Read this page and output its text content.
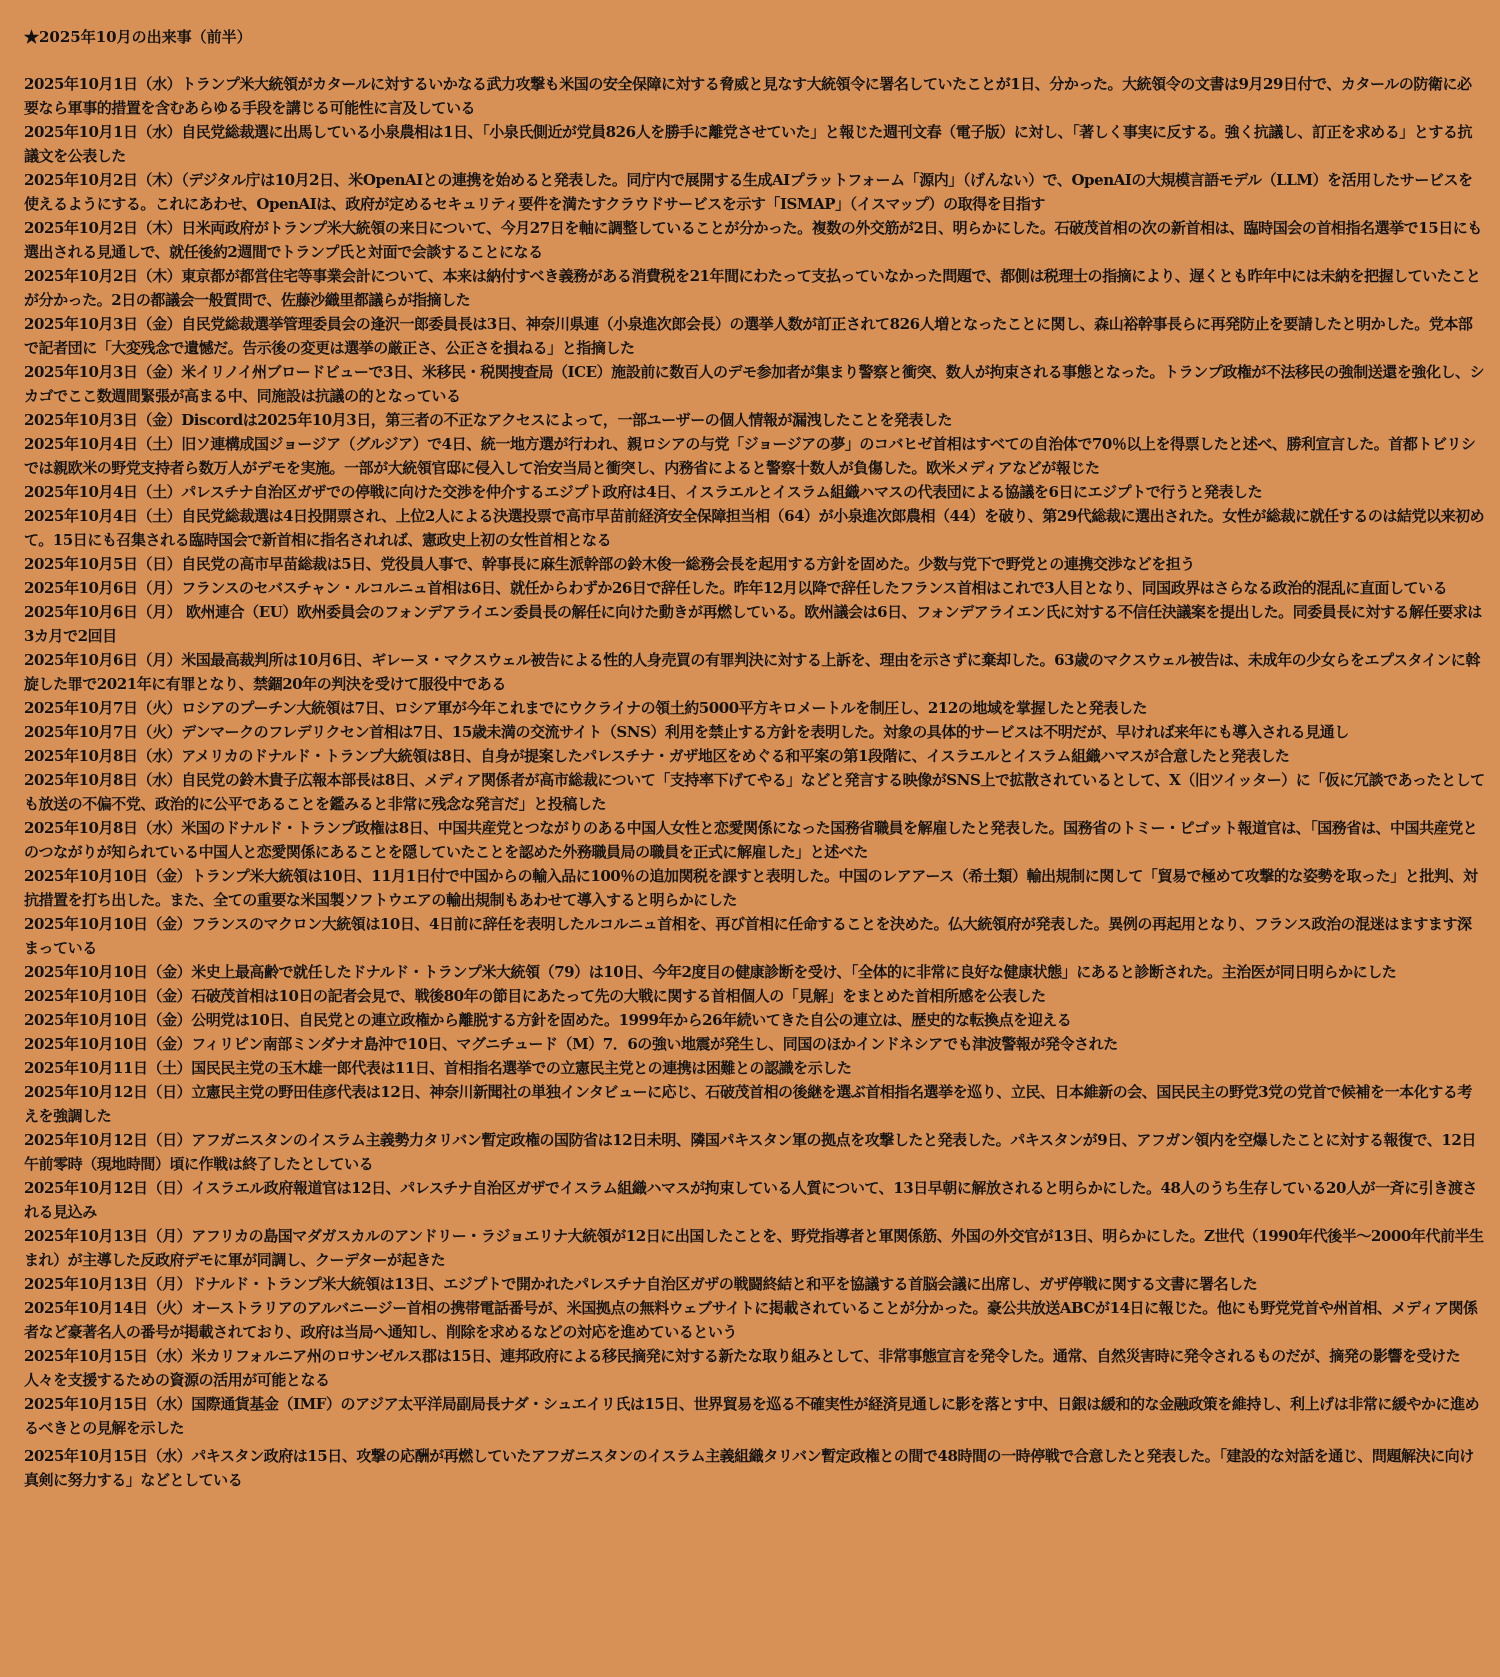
★2025年10月の出来事（前半）
2025年10月1日（水）トランプ米大統領がカタールに対するいかなる武力攻撃も米国の安全保障に対する脅威と見なす大統領令に署名していたことが1日、分かった。大統領令の文書は9月29日付で、カタールの防衛に必要なら軍事的措置を含むあらゆる手段を講じる可能性に言及している
2025年10月1日（水）自民党総裁選に出馬している小泉農相は1日、「小泉氏側近が党員826人を勝手に離党させていた」と報じた週刊文春（電子版）に対し、「著しく事実に反する。強く抗議し、訂正を求める」とする抗議文を公表した
2025年10月2日（木）（デジタル庁は10月2日、米OpenAIとの連携を始めると発表した。同庁内で展開する生成AIプラットフォーム「源内」（げんない）で、OpenAIの大規模言語モデル（LLM）を活用したサービスを使えるようにする。これにあわせ、OpenAIは、政府が定めるセキュリティ要件を満たすクラウドサービスを示す「ISMAP」（イスマップ）の取得を目指す
2025年10月2日（木）日米両政府がトランプ米大統領の来日について、今月27日を軸に調整していることが分かった。複数の外交筋が2日、明らかにした。石破茂首相の次の新首相は、臨時国会の首相指名選挙で15日にも選出される見通しで、就任後約2週間でトランプ氏と対面で会談することになる
2025年10月2日（木）東京都が都営住宅等事業会計について、本来は納付すべき義務がある消費税を21年間にわたって支払っていなかった問題で、都側は税理士の指摘により、遅くとも昨年中には未納を把握していたことが分かった。2日の都議会一般質問で、佐藤沙織里都議らが指摘した
2025年10月3日（金）自民党総裁選挙管理委員会の逢沢一郎委員長は3日、神奈川県連（小泉進次郎会長）の選挙人数が訂正されて826人増となったことに関し、森山裕幹事長らに再発防止を要請したと明かした。党本部で記者団に「大変残念で遺憾だ。告示後の変更は選挙の厳正さ、公正さを損ねる」と指摘した
2025年10月3日（金）米イリノイ州ブロードビューで3日、米移民・税関捜査局（ICE）施設前に数百人のデモ参加者が集まり警察と衝突、数人が拘束される事態となった。トランプ政権が不法移民の強制送還を強化し、シカゴでここ数週間緊張が高まる中、同施設は抗議の的となっている
2025年10月3日（金）Discordは2025年10月3日，第三者の不正なアクセスによって，一部ユーザーの個人情報が漏洩したことを発表した
2025年10月4日（土）旧ソ連構成国ジョージア（グルジア）で4日、統一地方選が行われ、親ロシアの与党「ジョージアの夢」のコバヒゼ首相はすべての自治体で70％以上を得票したと述べ、勝利宣言した。首都トビリシでは親欧米の野党支持者ら数万人がデモを実施。一部が大統領官邸に侵入して治安当局と衝突し、内務省によると警察十数人が負傷した。欧米メディアなどが報じた
2025年10月4日（土）パレスチナ自治区ガザでの停戦に向けた交渉を仲介するエジプト政府は4日、イスラエルとイスラム組織ハマスの代表団による協議を6日にエジプトで行うと発表した
2025年10月4日（土）自民党総裁選は4日投開票され、上位2人による決選投票で高市早苗前経済安全保障担当相（64）が小泉進次郎農相（44）を破り、第29代総裁に選出された。女性が総裁に就任するのは結党以来初めて。15日にも召集される臨時国会で新首相に指名されれば、憲政史上初の女性首相となる
2025年10月5日（日）自民党の高市早苗総裁は5日、党役員人事で、幹事長に麻生派幹部の鈴木俊一総務会長を起用する方針を固めた。少数与党下で野党との連携交渉などを担う
2025年10月6日（月）フランスのセバスチャン・ルコルニュ首相は6日、就任からわずか26日で辞任した。昨年12月以降で辞任したフランス首相はこれで3人目となり、同国政界はさらなる政治的混乱に直面している
2025年10月6日（月） 欧州連合（EU）欧州委員会のフォンデアライエン委員長の解任に向けた動きが再燃している。欧州議会は6日、フォンデアライエン氏に対する不信任決議案を提出した。同委員長に対する解任要求は3カ月で2回目
2025年10月6日（月）米国最高裁判所は10月6日、ギレーヌ・マクスウェル被告による性的人身売買の有罪判決に対する上訴を、理由を示さずに棄却した。63歳のマクスウェル被告は、未成年の少女らをエプスタインに斡旋した罪で2021年に有罪となり、禁錮20年の判決を受けて服役中である
2025年10月7日（火）ロシアのプーチン大統領は7日、ロシア軍が今年これまでにウクライナの領土約5000平方キロメートルを制圧し、212の地域を掌握したと発表した
2025年10月7日（火）デンマークのフレデリクセン首相は7日、15歳未満の交流サイト（SNS）利用を禁止する方針を表明した。対象の具体的サービスは不明だが、早ければ来年にも導入される見通し
2025年10月8日（水）アメリカのドナルド・トランプ大統領は8日、自身が提案したパレスチナ・ガザ地区をめぐる和平案の第1段階に、イスラエルとイスラム組織ハマスが合意したと発表した
2025年10月8日（水）自民党の鈴木貴子広報本部長は8日、メディア関係者が高市総裁について「支持率下げてやる」などと発言する映像がSNS上で拡散されているとして、X（旧ツイッター）に「仮に冗談であったとしても放送の不偏不党、政治的に公平であることを鑑みると非常に残念な発言だ」と投稿した
2025年10月8日（水）米国のドナルド・トランプ政権は8日、中国共産党とつながりのある中国人女性と恋愛関係になった国務省職員を解雇したと発表した。国務省のトミー・ピゴット報道官は、「国務省は、中国共産党とのつながりが知られている中国人と恋愛関係にあることを隠していたことを認めた外務職員局の職員を正式に解雇した」と述べた
2025年10月10日（金）トランプ米大統領は10日、11月1日付で中国からの輸入品に100％の追加関税を課すと表明した。中国のレアアース（希土類）輸出規制に関して「貿易で極めて攻撃的な姿勢を取った」と批判、対抗措置を打ち出した。また、全ての重要な米国製ソフトウエアの輸出規制もあわせて導入すると明らかにした
2025年10月10日（金）フランスのマクロン大統領は10日、4日前に辞任を表明したルコルニュ首相を、再び首相に任命することを決めた。仏大統領府が発表した。異例の再起用となり、フランス政治の混迷はますます深まっている
2025年10月10日（金）米史上最高齢で就任したドナルド・トランプ米大統領（79）は10日、今年2度目の健康診断を受け、「全体的に非常に良好な健康状態」にあると診断された。主治医が同日明らかにした
2025年10月10日（金）石破茂首相は10日の記者会見で、戦後80年の節目にあたって先の大戦に関する首相個人の「見解」をまとめた首相所感を公表した
2025年10月10日（金）公明党は10日、自民党との連立政権から離脱する方針を固めた。1999年から26年続いてきた自公の連立は、歴史的な転換点を迎える
2025年10月10日（金）フィリピン南部ミンダナオ島沖で10日、マグニチュード（M）7．6の強い地震が発生し、同国のほかインドネシアでも津波警報が発令された
2025年10月11日（土）国民民主党の玉木雄一郎代表は11日、首相指名選挙での立憲民主党との連携は困難との認識を示した
2025年10月12日（日）立憲民主党の野田佳彦代表は12日、神奈川新聞社の単独インタビューに応じ、石破茂首相の後継を選ぶ首相指名選挙を巡り、立民、日本維新の会、国民民主の野党3党の党首で候補を一本化する考えを強調した
2025年10月12日（日）アフガニスタンのイスラム主義勢力タリバン暫定政権の国防省は12日未明、隣国パキスタン軍の拠点を攻撃したと発表した。パキスタンが9日、アフガン領内を空爆したことに対する報復で、12日午前零時（現地時間）頃に作戦は終了したとしている
2025年10月12日（日）イスラエル政府報道官は12日、パレスチナ自治区ガザでイスラム組織ハマスが拘束している人質について、13日早朝に解放されると明らかにした。48人のうち生存している20人が一斉に引き渡される見込み
2025年10月13日（月）アフリカの島国マダガスカルのアンドリー・ラジョエリナ大統領が12日に出国したことを、野党指導者と軍関係筋、外国の外交官が13日、明らかにした。Z世代（1990年代後半～2000年代前半生まれ）が主導した反政府デモに軍が同調し、クーデターが起きた
2025年10月13日（月）ドナルド・トランプ米大統領は13日、エジプトで開かれたパレスチナ自治区ガザの戦闘終結と和平を協議する首脳会議に出席し、ガザ停戦に関する文書に署名した
2025年10月14日（火）オーストラリアのアルバニージー首相の携帯電話番号が、米国拠点の無料ウェブサイトに掲載されていることが分かった。豪公共放送ABCが14日に報じた。他にも野党党首や州首相、メディア関係者など豪著名人の番号が掲載されており、政府は当局へ通知し、削除を求めるなどの対応を進めているという
2025年10月15日（水）米カリフォルニア州のロサンゼルス郡は15日、連邦政府による移民摘発に対する新たな取り組みとして、非常事態宣言を発令した。通常、自然災害時に発令されるものだが、摘発の影響を受けた人々を支援するための資源の活用が可能となる
2025年10月15日（水）国際通貨基金（IMF）のアジア太平洋局副局長ナダ・シュエイリ氏は15日、世界貿易を巡る不確実性が経済見通しに影を落とす中、日銀は緩和的な金融政策を維持し、利上げは非常に緩やかに進めるべきとの見解を示した
2025年10月15日（水）パキスタン政府は15日、攻撃の応酬が再燃していたアフガニスタンのイスラム主義組織タリバン暫定政権との間で48時間の一時停戦で合意したと発表した。「建設的な対話を通じ、問題解決に向け真剣に努力する」などとしている
